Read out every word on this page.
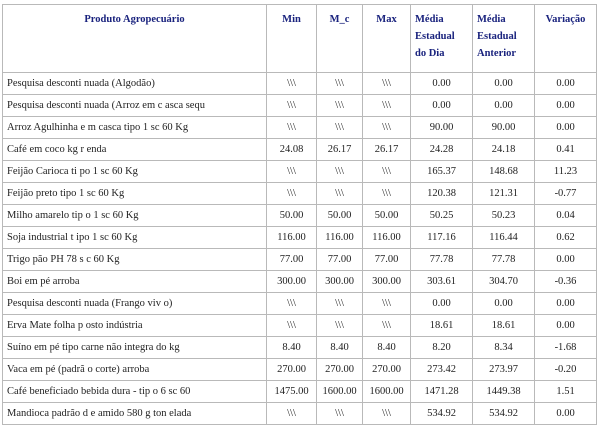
Produto Agropecuário	Min	M_c	Max	Média Estadual do Dia	Média Estadual Anterior	Variação
Pesquisa desconti nuada (Algodão)	\\\	\\\	\\\	0.00	0.00	0.00
Pesquisa desconti nuada (Arroz em c asca sequ	\\\	\\\	\\\	0.00	0.00	0.00
Arroz Agulhinha e m casca tipo 1 sc 60 Kg	\\\	\\\	\\\	90.00	90.00	0.00
Café em coco kg r enda	24.08	26.17	26.17	24.28	24.18	0.41
Feijão Carioca ti po 1 sc 60 Kg	\\\	\\\	\\\	165.37	148.68	11.23
Feijão preto tipo 1 sc 60 Kg	\\\	\\\	\\\	120.38	121.31	-0.77
Milho amarelo tip o 1 sc 60 Kg	50.00	50.00	50.00	50.25	50.23	0.04
Soja industrial t ipo 1 sc 60 Kg	116.00	116.00	116.00	117.16	116.44	0.62
Trigo pão PH 78 s c 60 Kg	77.00	77.00	77.00	77.78	77.78	0.00
Boi em pé arroba	300.00	300.00	300.00	303.61	304.70	-0.36
Pesquisa desconti nuada (Frango viv o)	\\\	\\\	\\\	0.00	0.00	0.00
Erva Mate folha p osto indústria	\\\	\\\	\\\	18.61	18.61	0.00
Suíno em pé tipo carne não integra do kg	8.40	8.40	8.40	8.20	8.34	-1.68
Vaca em pé (padrã o corte) arroba	270.00	270.00	270.00	273.42	273.97	-0.20
Café beneficiado bebida dura - tip o 6 sc 60	1475.00	1600.00	1600.00	1471.28	1449.38	1.51
Mandioca padrão d e amido 580 g ton elada	\\\	\\\	\\\	534.92	534.92	0.00
